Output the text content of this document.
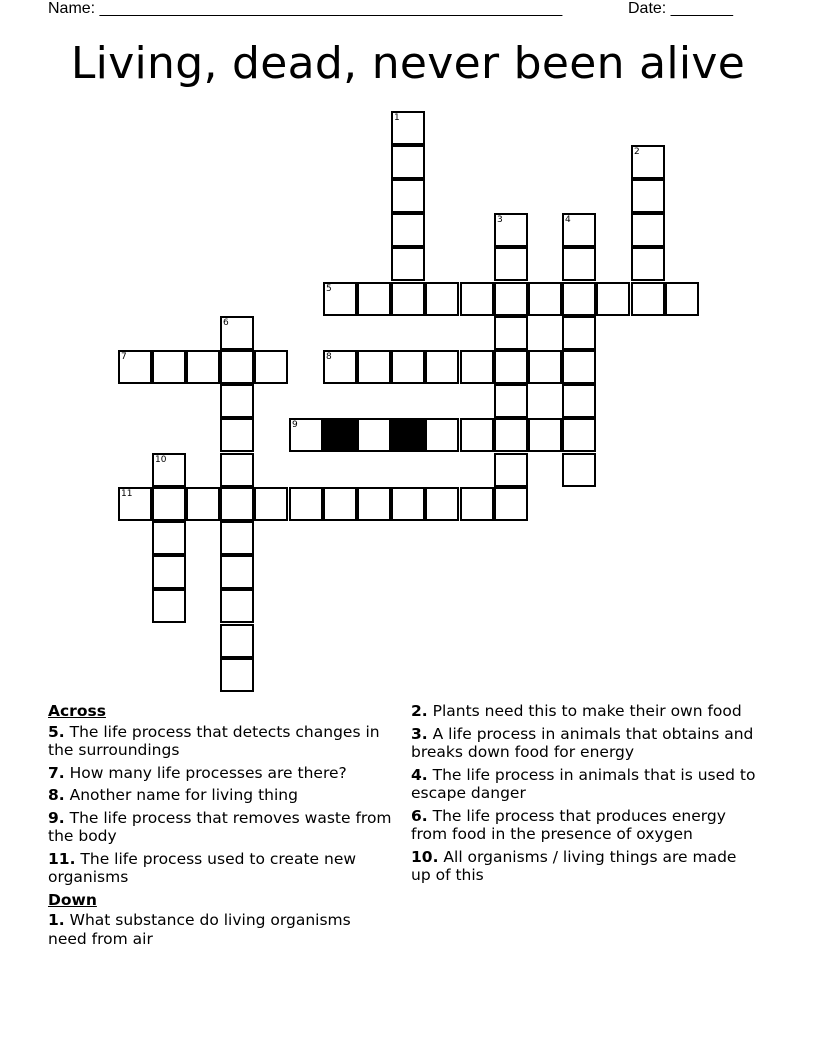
Name: ____________________________________________________	Date: _______
Living, dead, never been alive
1
2
3	4
5
6
7	8
9
10
11
Across
5. The life process that detects changes in the surroundings
7. How many life processes are there?
8. Another name for living thing
9. The life process that removes waste from the body
11. The life process used to create new organisms
Down
1. What substance do living organisms need from air
2. Plants need this to make their own food
3. A life process in animals that obtains and breaks down food for energy
4. The life process in animals that is used to escape danger
6. The life process that produces energy from food in the presence of oxygen
10. All organisms / living things are made up of this
